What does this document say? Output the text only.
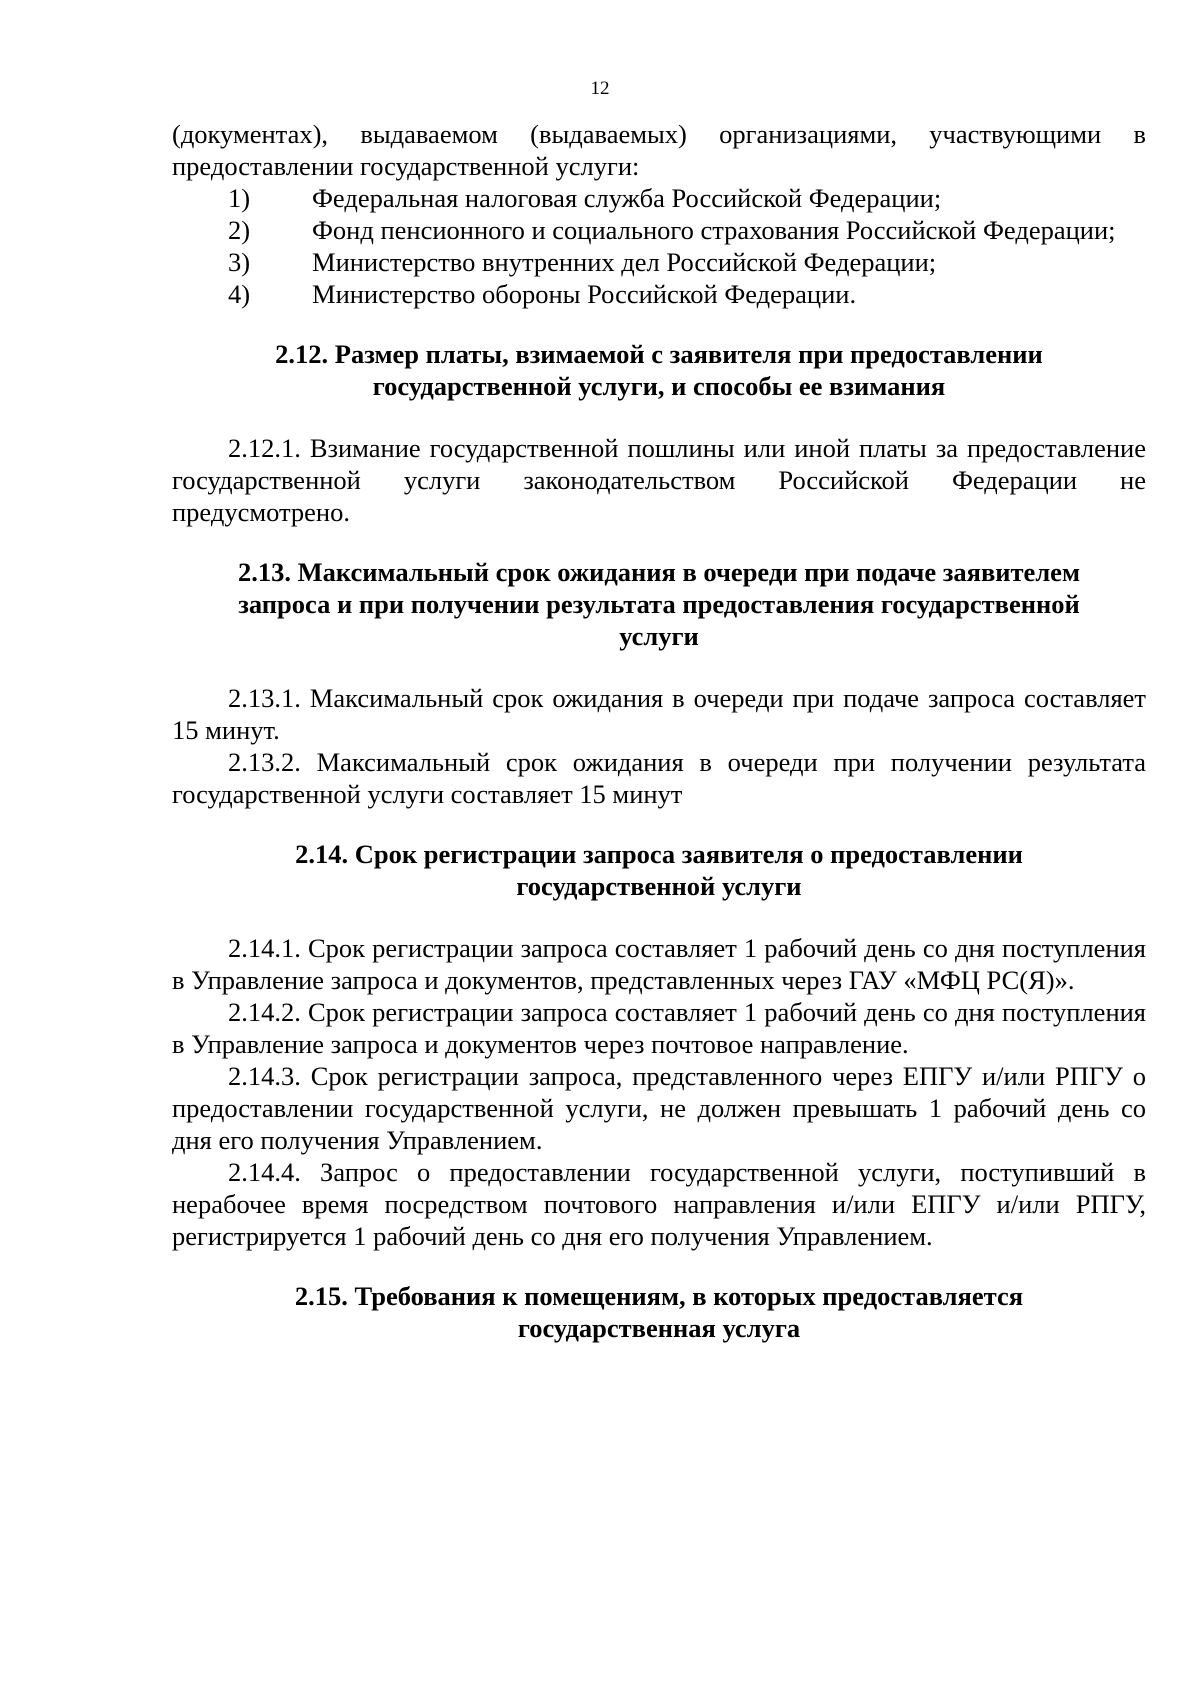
12

(документах), выдаваемом (выдаваемых) организациями, участвующими в предоставлении государственной услуги:

1) Федеральная налоговая служба Российской Федерации;

2) Фонд пенсионного и социального страхования Российской Федерации;

3) Министерство внутренних дел Российской Федерации;

4) Министерство обороны Российской Федерации.

2.12. Размер платы, взимаемой с заявителя при предоставлении
государственной услуги, и способы ее взимания

2.12.1. Взимание государственной пошлины или иной платы за предоставление государственной услуги законодательством Российской Федерации не предусмотрено.

2.13. Максимальный срок ожидания в очереди при подаче заявителем
запроса и при получении результата предоставления государственной
услуги

2.13.1. Максимальный срок ожидания в очереди при подаче запроса составляет 15 минут.

2.13.2. Максимальный срок ожидания в очереди при получении результата государственной услуги составляет 15 минут

2.14. Срок регистрации запроса заявителя о предоставлении
государственной услуги

2.14.1. Срок регистрации запроса составляет 1 рабочий день со дня поступления в Управление запроса и документов, представленных через ГАУ «МФЦ РС(Я)».

2.14.2. Срок регистрации запроса составляет 1 рабочий день со дня поступления в Управление запроса и документов через почтовое направление.

2.14.3. Срок регистрации запроса, представленного через ЕПГУ и/или РПГУ о предоставлении государственной услуги, не должен превышать 1 рабочий день со дня его получения Управлением.

2.14.4. Запрос о предоставлении государственной услуги, поступивший в нерабочее время посредством почтового направления и/или ЕПГУ и/или РПГУ, регистрируется 1 рабочий день со дня его получения Управлением.

2.15. Требования к помещениям, в которых предоставляется
государственная услуга
